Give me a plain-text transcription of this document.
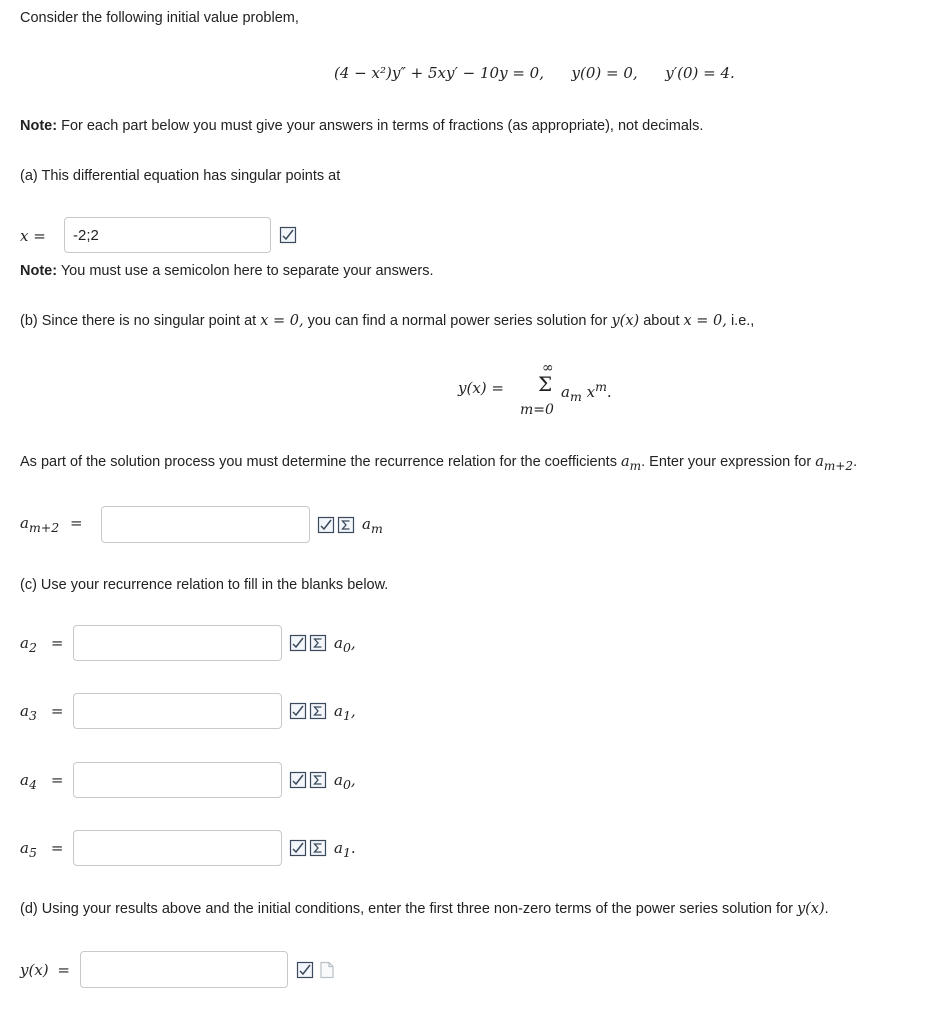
Consider the following initial value problem,
(4 − x²)y″ + 5xy′ − 10y = 0, y(0) = 0, y′(0) = 4.
Note: For each part below you must give your answers in terms of fractions (as appropriate), not decimals.
(a) This differential equation has singular points at
x =
-2;2
Note: You must use a semicolon here to separate your answers.
(b) Since there is no singular point at x = 0, you can find a normal power series solution for y(x) about x = 0, i.e.,
y(x) =
∞
Σ
m=0
$a_m$ $x^m$.
As part of the solution process you must determine the recurrence relation for the coefficients $a_m$. Enter your expression for $a_{m+2}$.
$a_{m+2}$ =	$a_m$
(c) Use your recurrence relation to fill in the blanks below.
$a_2$ =	$a_0$,
$a_3$ =	$a_1$,
$a_4$ =	$a_0$,
$a_5$ =	$a_1$.
(d) Using your results above and the initial conditions, enter the first three non-zero terms of the power series solution for y(x).
y(x) =
